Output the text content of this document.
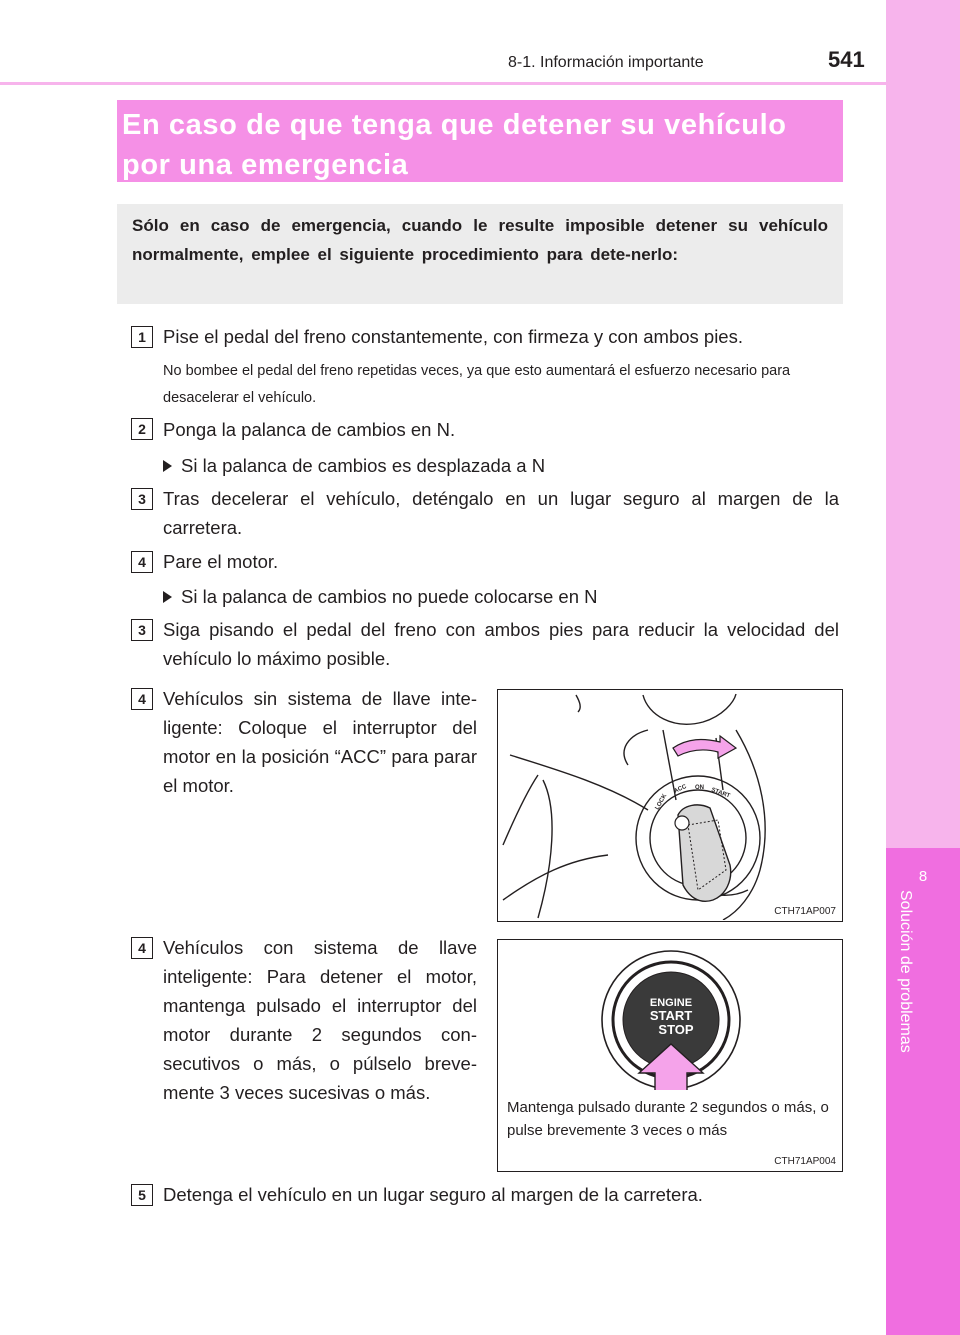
8
Solución de problemas
8-1. Información importante	541
En caso de que tenga que detener su vehículo por una emergencia
Sólo en caso de emergencia, cuando le resulte imposible detener su vehículo normalmente, emplee el siguiente procedimiento para dete-nerlo:
1 Pise el pedal del freno constantemente, con firmeza y con ambos pies.
No bombee el pedal del freno repetidas veces, ya que esto aumentará el esfuerzo necesario para desacelerar el vehículo.
2 Ponga la palanca de cambios en N.
Si la palanca de cambios es desplazada a N
3 Tras decelerar el vehículo, deténgalo en un lugar seguro al margen de la carretera.
4 Pare el motor.
Si la palanca de cambios no puede colocarse en N
3 Siga pisando el pedal del freno con ambos pies para reducir la velocidad del vehículo lo máximo posible.
4 Vehículos sin sistema de llave inte-ligente: Coloque el interruptor del motor en la posición “ACC” para parar el motor.
LOCK
ACC ON START
CTH71AP007
4 Vehículos con sistema de llave inteligente: Para detener el motor, mantenga pulsado el interruptor del motor durante 2 segundos con-secutivos o más, o púlselo breve-mente 3 veces sucesivas o más.
ENGINE
START
STOP
Mantenga pulsado durante 2 segundos o más, o pulse brevemente 3 veces o más
CTH71AP004
5 Detenga el vehículo en un lugar seguro al margen de la carretera.
